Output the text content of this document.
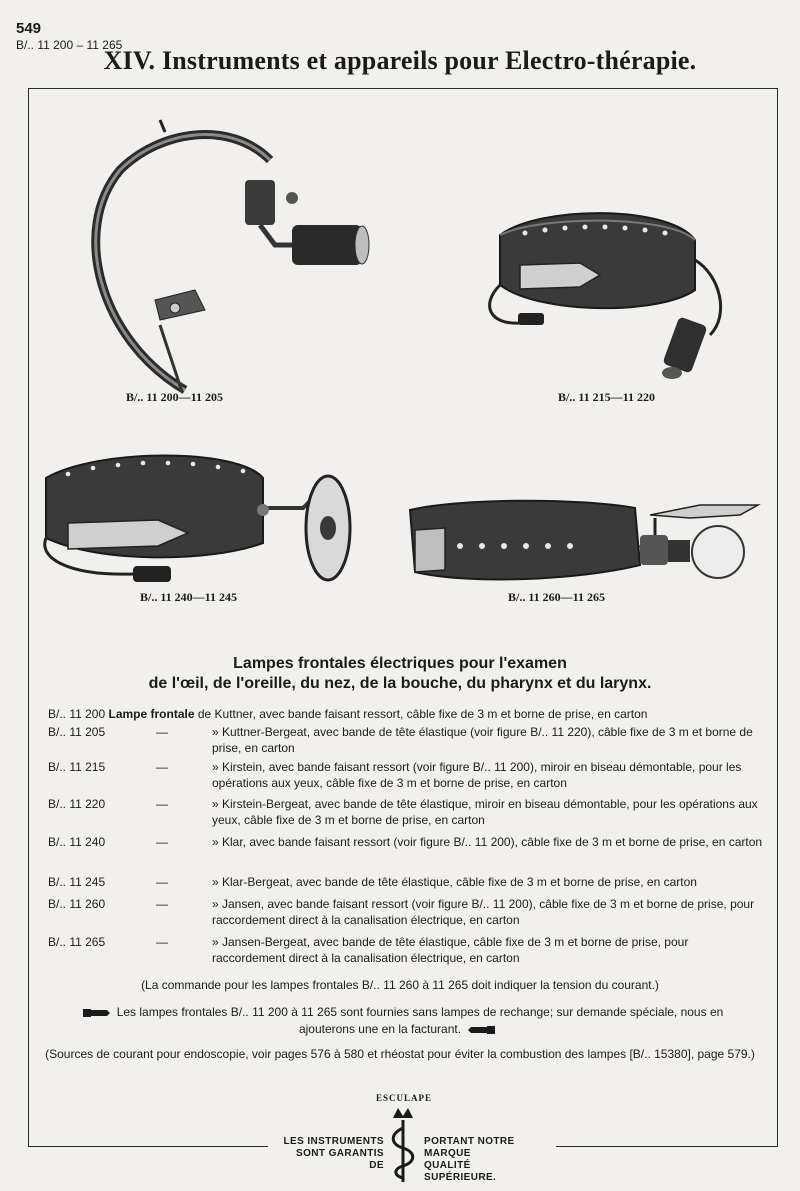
549
B/.. 11 200 – 11 265
XIV. Instruments et appareils pour Electro-thérapie.
B/.. 11 200—11 205	B/.. 11 215—11 220
B/.. 11 240—11 245	B/.. 11 260—11 265
Lampes frontales électriques pour l'examen
de l'œil, de l'oreille, du nez, de la bouche, du pharynx et du larynx.
B/.. 11 200 Lampe frontale de Kuttner, avec bande faisant ressort, câble fixe de 3 m et borne de prise, en carton
B/.. 11 205	—	» Kuttner-Bergeat, avec bande de tête élastique (voir figure B/.. 11 220), câble fixe de 3 m et borne de prise, en carton
B/.. 11 215	—	» Kirstein, avec bande faisant ressort (voir figure B/.. 11 200), miroir en biseau démontable, pour les opérations aux yeux, câble fixe de 3 m et borne de prise, en carton
B/.. 11 220	—	» Kirstein-Bergeat, avec bande de tête élastique, miroir en biseau démontable, pour les opérations aux yeux, câble fixe de 3 m et borne de prise, en carton
B/.. 11 240	—	» Klar, avec bande faisant ressort (voir figure B/.. 11 200), câble fixe de 3 m et borne de prise, en carton
B/.. 11 245	—	» Klar-Bergeat, avec bande de tête élastique, câble fixe de 3 m et borne de prise, en carton
B/.. 11 260	—	» Jansen, avec bande faisant ressort (voir figure B/.. 11 200), câble fixe de 3 m et borne de prise, pour raccordement direct à la canalisation électrique, en carton
B/.. 11 265	—	» Jansen-Bergeat, avec bande de tête élastique, câble fixe de 3 m et borne de prise, pour raccordement direct à la canalisation électrique, en carton
(La commande pour les lampes frontales B/.. 11 260 à 11 265 doit indiquer la tension du courant.)
Les lampes frontales B/.. 11 200 à 11 265 sont fournies sans lampes de rechange; sur demande spéciale, nous en
ajouterons une en la facturant.
(Sources de courant pour endoscopie, voir pages 576 à 580 et rhéostat pour éviter la combustion des lampes [B/.. 15380], page 579.)
LES INSTRUMENTS
SONT GARANTIS DE
ESCULAPE
PORTANT NOTRE MARQUE
QUALITÉ SUPÉRIEURE.
